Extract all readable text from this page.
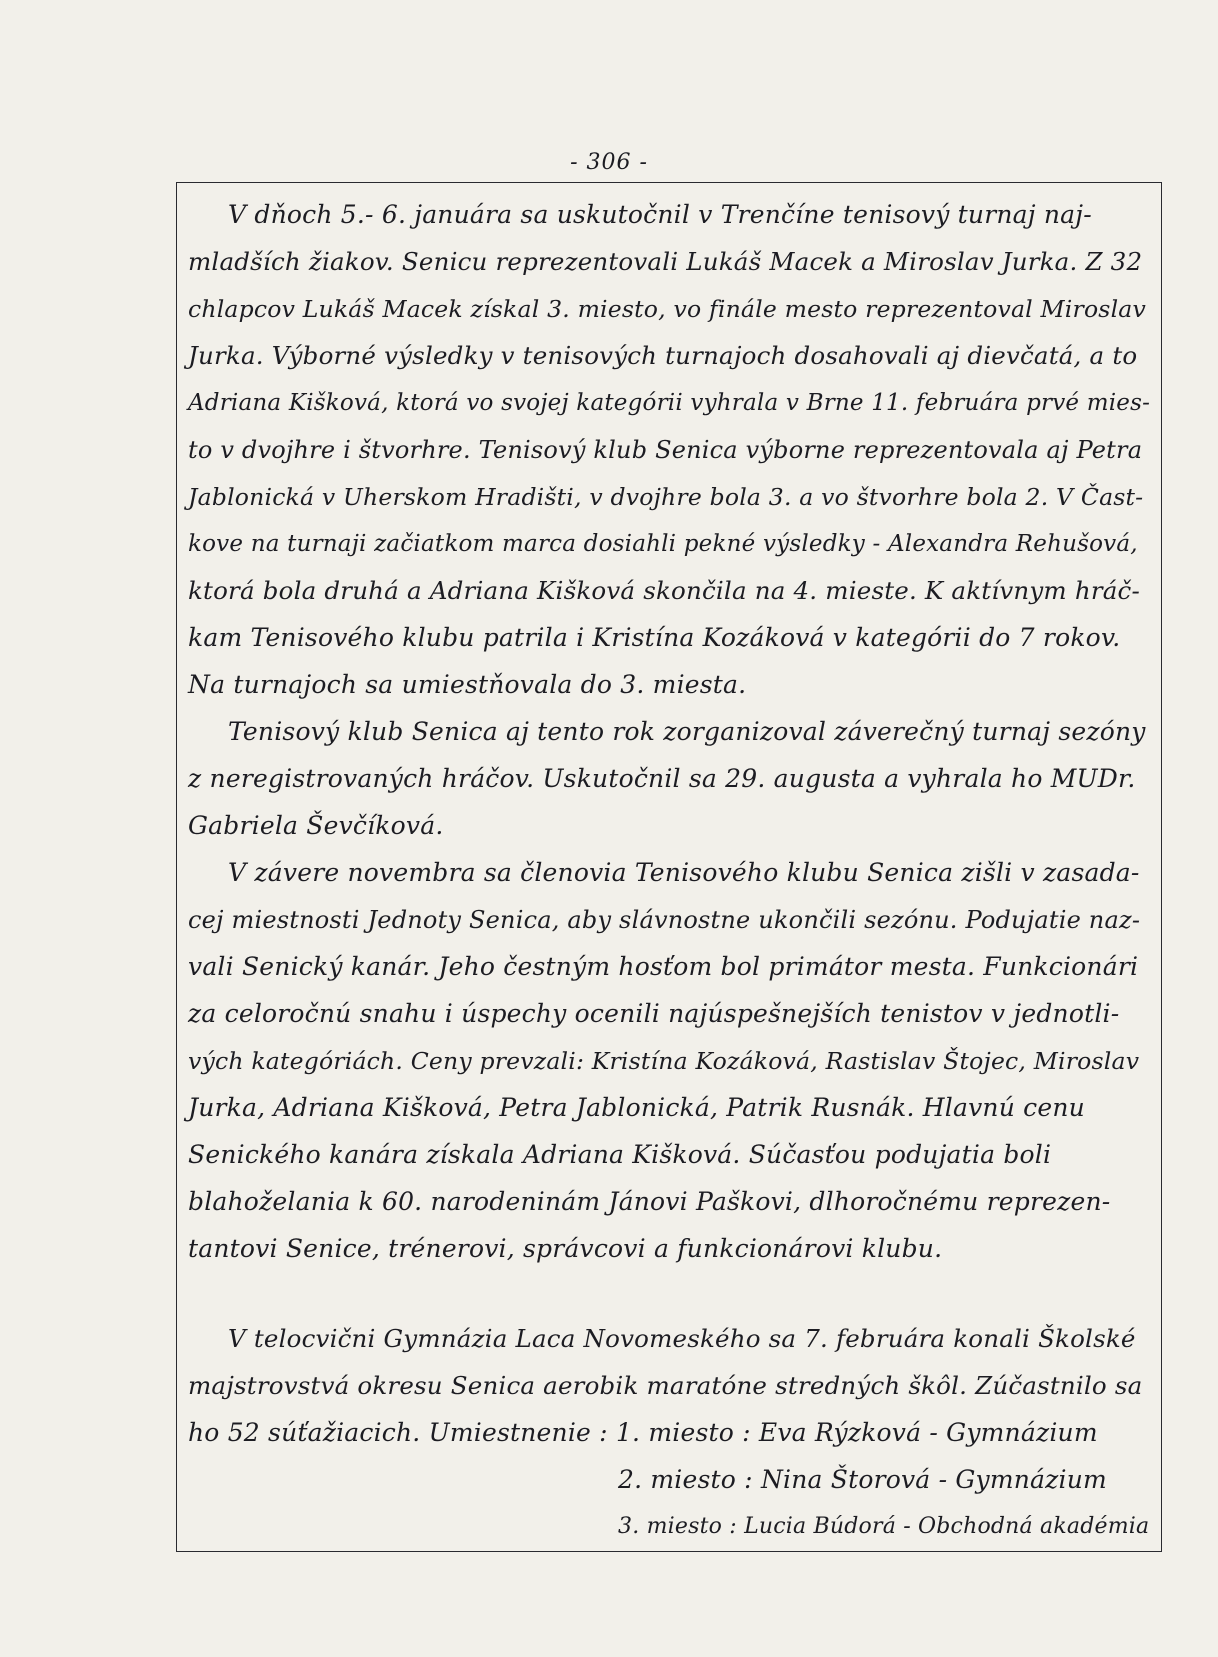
- 306 -
V dňoch 5.- 6. januára sa uskutočnil v Trenčíne tenisový turnaj naj-
mladších žiakov. Senicu reprezentovali Lukáš Macek a Miroslav Jurka. Z 32
chlapcov Lukáš Macek získal 3. miesto, vo finále mesto reprezentoval Miroslav
Jurka. Výborné výsledky v tenisových turnajoch dosahovali aj dievčatá, a to
Adriana Kišková, ktorá vo svojej kategórii vyhrala v Brne 11. februára prvé mies-
to v dvojhre i štvorhre. Tenisový klub Senica výborne reprezentovala aj Petra
Jablonická v Uherskom Hradišti, v dvojhre bola 3. a vo štvorhre bola 2. V Čast-
kove na turnaji začiatkom marca dosiahli pekné výsledky - Alexandra Rehušová,
ktorá bola druhá a Adriana Kišková skončila na 4. mieste. K aktívnym hráč-
kam Tenisového klubu patrila i Kristína Kozáková v kategórii do 7 rokov.
Na turnajoch sa umiestňovala do 3. miesta.
Tenisový klub Senica aj tento rok zorganizoval záverečný turnaj sezóny
z neregistrovaných hráčov. Uskutočnil sa 29. augusta a vyhrala ho MUDr.
Gabriela Ševčíková.
V závere novembra sa členovia Tenisového klubu Senica zišli v zasada-
cej miestnosti Jednoty Senica, aby slávnostne ukončili sezónu. Podujatie naz-
vali Senický kanár. Jeho čestným hosťom bol primátor mesta. Funkcionári
za celoročnú snahu i úspechy ocenili najúspešnejších tenistov v jednotli-
vých kategóriách. Ceny prevzali: Kristína Kozáková, Rastislav Štojec, Miroslav
Jurka, Adriana Kišková, Petra Jablonická, Patrik Rusnák. Hlavnú cenu
Senického kanára získala Adriana Kišková. Súčasťou podujatia boli
blahoželania k 60. narodeninám Jánovi Paškovi, dlhoročnému reprezen-
tantovi Senice, trénerovi, správcovi a funkcionárovi klubu.
V telocvični Gymnázia Laca Novomeského sa 7. februára konali Školské
majstrovstvá okresu Senica aerobik maratóne stredných škôl. Zúčastnilo sa
ho 52 súťažiacich. Umiestnenie : 1. miesto : Eva Rýzková - Gymnázium
2. miesto : Nina Štorová - Gymnázium
3. miesto : Lucia Búdorá - Obchodná akadémia
